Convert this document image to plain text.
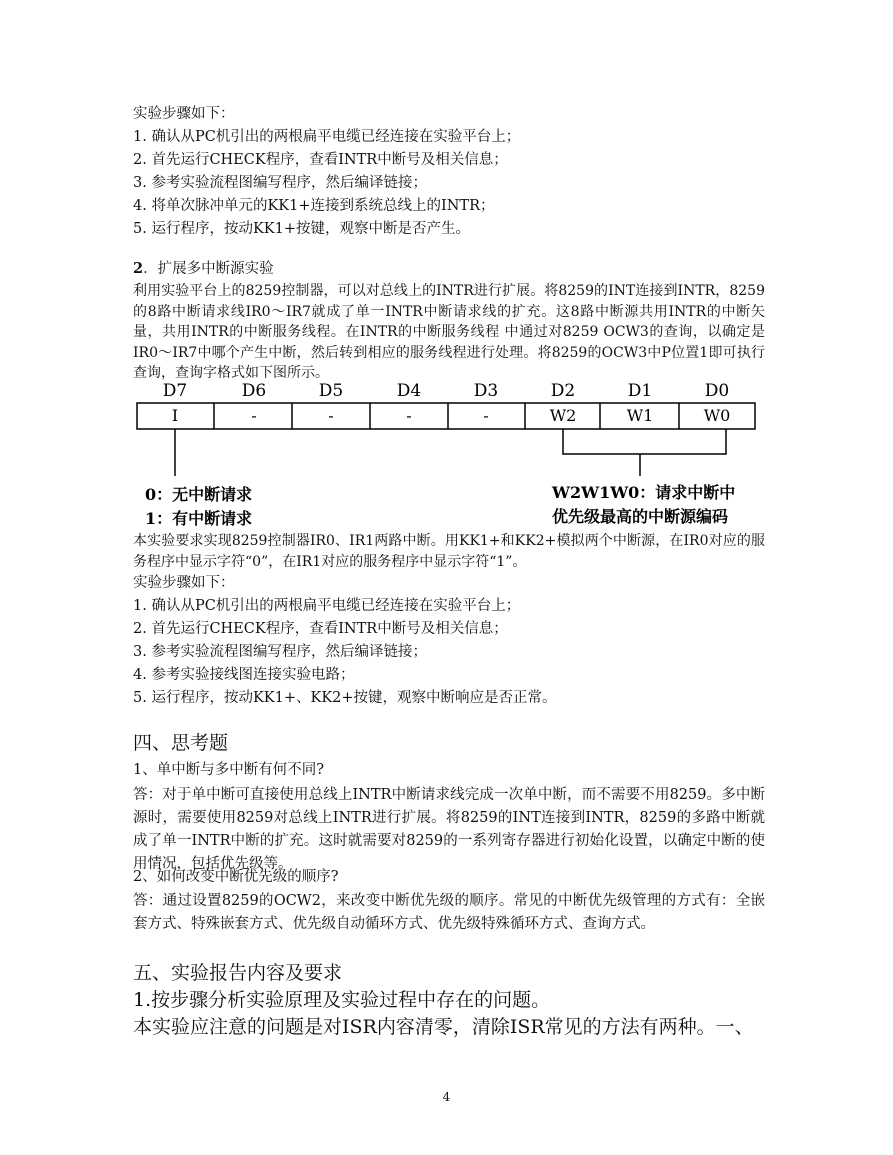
实验步骤如下：
1. 确认从PC机引出的两根扁平电缆已经连接在实验平台上；
2. 首先运行CHECK程序，查看INTR中断号及相关信息；
3. 参考实验流程图编写程序，然后编译链接；
4. 将单次脉冲单元的KK1+连接到系统总线上的INTR；
5. 运行程序，按动KK1+按键，观察中断是否产生。
2．扩展多中断源实验
利用实验平台上的8259控制器，可以对总线上的INTR进行扩展。将8259的INT连接到INTR，8259的8路中断请求线IR0～IR7就成了单一INTR中断请求线的扩充。这8路中断源共用INTR的中断矢量，共用INTR的中断服务线程。在INTR的中断服务线程 中通过对8259 OCW3的查询，以确定是IR0～IR7中哪个产生中断，然后转到相应的服务线程进行处理。将8259的OCW3中P位置1即可执行查询，查询字格式如下图所示。
D7	D6	D5	D4	D3	D2	D1	D0
I	-	-	-	-	W2	W1	W0
0：无中断请求
1：有中断请求
W2W1W0：请求中断中
优先级最高的中断源编码
本实验要求实现8259控制器IR0、IR1两路中断。用KK1+和KK2+模拟两个中断源，在IR0对应的服务程序中显示字符“0”，在IR1对应的服务程序中显示字符“1”。
实验步骤如下：
1. 确认从PC机引出的两根扁平电缆已经连接在实验平台上；
2. 首先运行CHECK程序，查看INTR中断号及相关信息；
3. 参考实验流程图编写程序，然后编译链接；
4. 参考实验接线图连接实验电路；
5. 运行程序，按动KK1+、KK2+按键，观察中断响应是否正常。
四、思考题
1、单中断与多中断有何不同?
答：对于单中断可直接使用总线上INTR中断请求线完成一次单中断，而不需要不用8259。多中断源时，需要使用8259对总线上INTR进行扩展。将8259的INT连接到INTR，8259的多路中断就成了单一INTR中断的扩充。这时就需要对8259的一系列寄存器进行初始化设置，以确定中断的使用情况，包括优先级等。
2、如何改变中断优先级的顺序?
答：通过设置8259的OCW2，来改变中断优先级的顺序。常见的中断优先级管理的方式有：全嵌套方式、特殊嵌套方式、优先级自动循环方式、优先级特殊循环方式、查询方式。
五、实验报告内容及要求
1.按步骤分析实验原理及实验过程中存在的问题。
本实验应注意的问题是对ISR内容清零，清除ISR常见的方法有两种。一、
4
